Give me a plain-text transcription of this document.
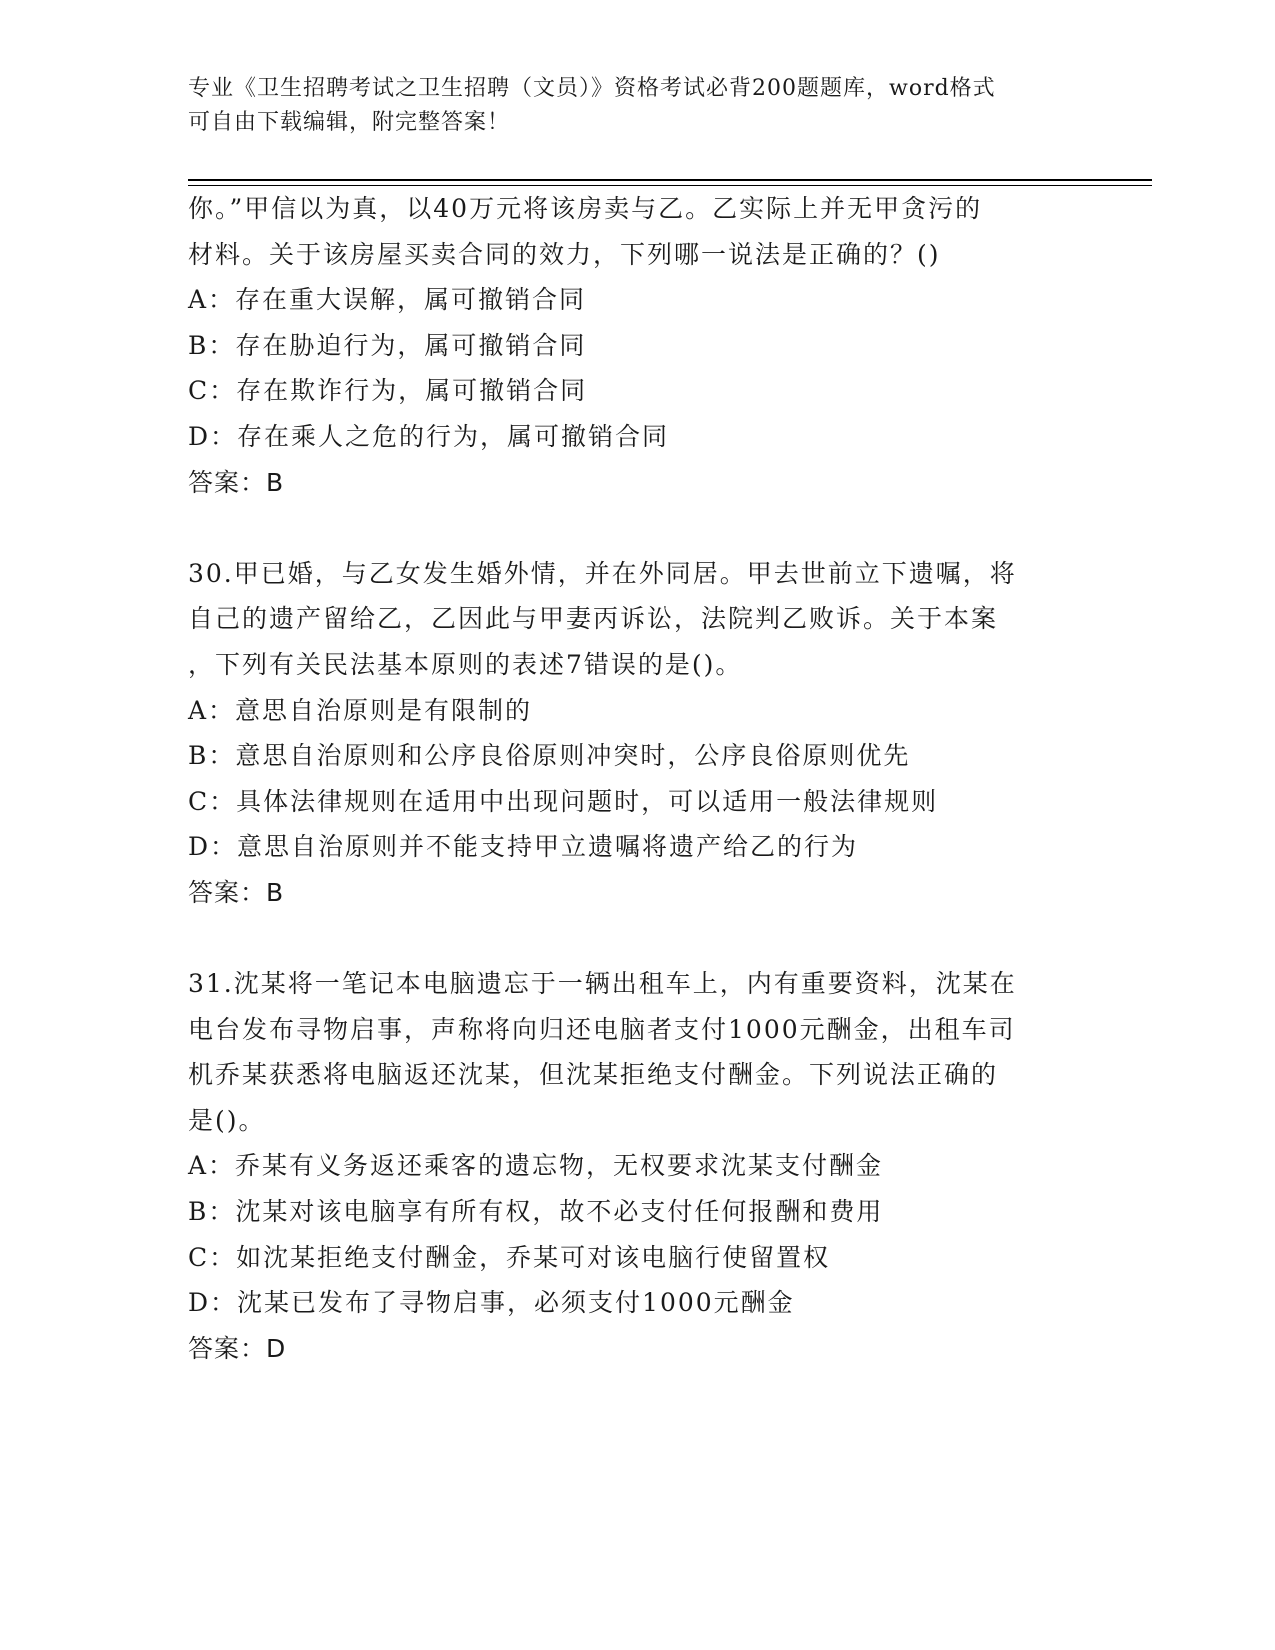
专业《卫生招聘考试之卫生招聘（文员）》资格考试必背200题题库，word格式
可自由下载编辑，附完整答案！
你。”甲信以为真，以40万元将该房卖与乙。乙实际上并无甲贪污的
材料。关于该房屋买卖合同的效力，下列哪一说法是正确的？()
A：存在重大误解，属可撤销合同
B：存在胁迫行为，属可撤销合同
C：存在欺诈行为，属可撤销合同
D：存在乘人之危的行为，属可撤销合同
答案：B
30.甲已婚，与乙女发生婚外情，并在外同居。甲去世前立下遗嘱，将
自己的遗产留给乙，乙因此与甲妻丙诉讼，法院判乙败诉。关于本案
，下列有关民法基本原则的表述7错误的是()。
A：意思自治原则是有限制的
B：意思自治原则和公序良俗原则冲突时，公序良俗原则优先
C：具体法律规则在适用中出现问题时，可以适用一般法律规则
D：意思自治原则并不能支持甲立遗嘱将遗产给乙的行为
答案：B
31.沈某将一笔记本电脑遗忘于一辆出租车上，内有重要资料，沈某在
电台发布寻物启事，声称将向归还电脑者支付1000元酬金，出租车司
机乔某获悉将电脑返还沈某，但沈某拒绝支付酬金。下列说法正确的
是()。
A：乔某有义务返还乘客的遗忘物，无权要求沈某支付酬金
B：沈某对该电脑享有所有权，故不必支付任何报酬和费用
C：如沈某拒绝支付酬金，乔某可对该电脑行使留置权
D：沈某已发布了寻物启事，必须支付1000元酬金
答案：D
